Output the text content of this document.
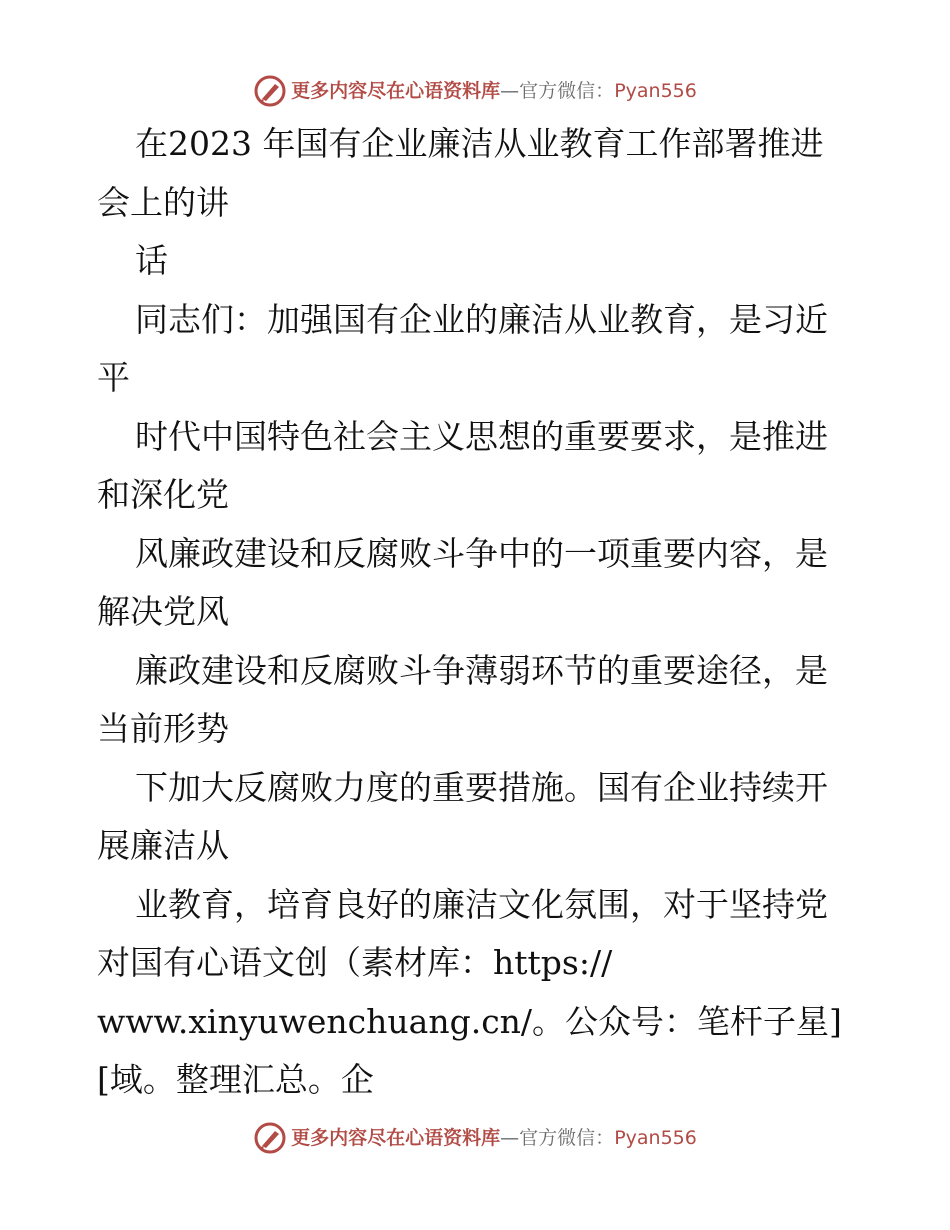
更多内容尽在心语资料库 —官方微信： Pyan556
在2023 年国有企业廉洁从业教育工作部署推进
会上的讲
话
同志们：加强国有企业的廉洁从业教育，是习近
平
时代中国特色社会主义思想的重要要求，是推进
和深化党
风廉政建设和反腐败斗争中的一项重要内容，是
解决党风
廉政建设和反腐败斗争薄弱环节的重要途径，是
当前形势
下加大反腐败力度的重要措施。国有企业持续开
展廉洁从
业教育，培育良好的廉洁文化氛围，对于坚持党
对国有心语文创（素材库：https://
www.xinyuwenchuang.cn/。公众号：笔杆子星]
[域。整理汇总。企
更多内容尽在心语资料库 —官方微信： Pyan556
